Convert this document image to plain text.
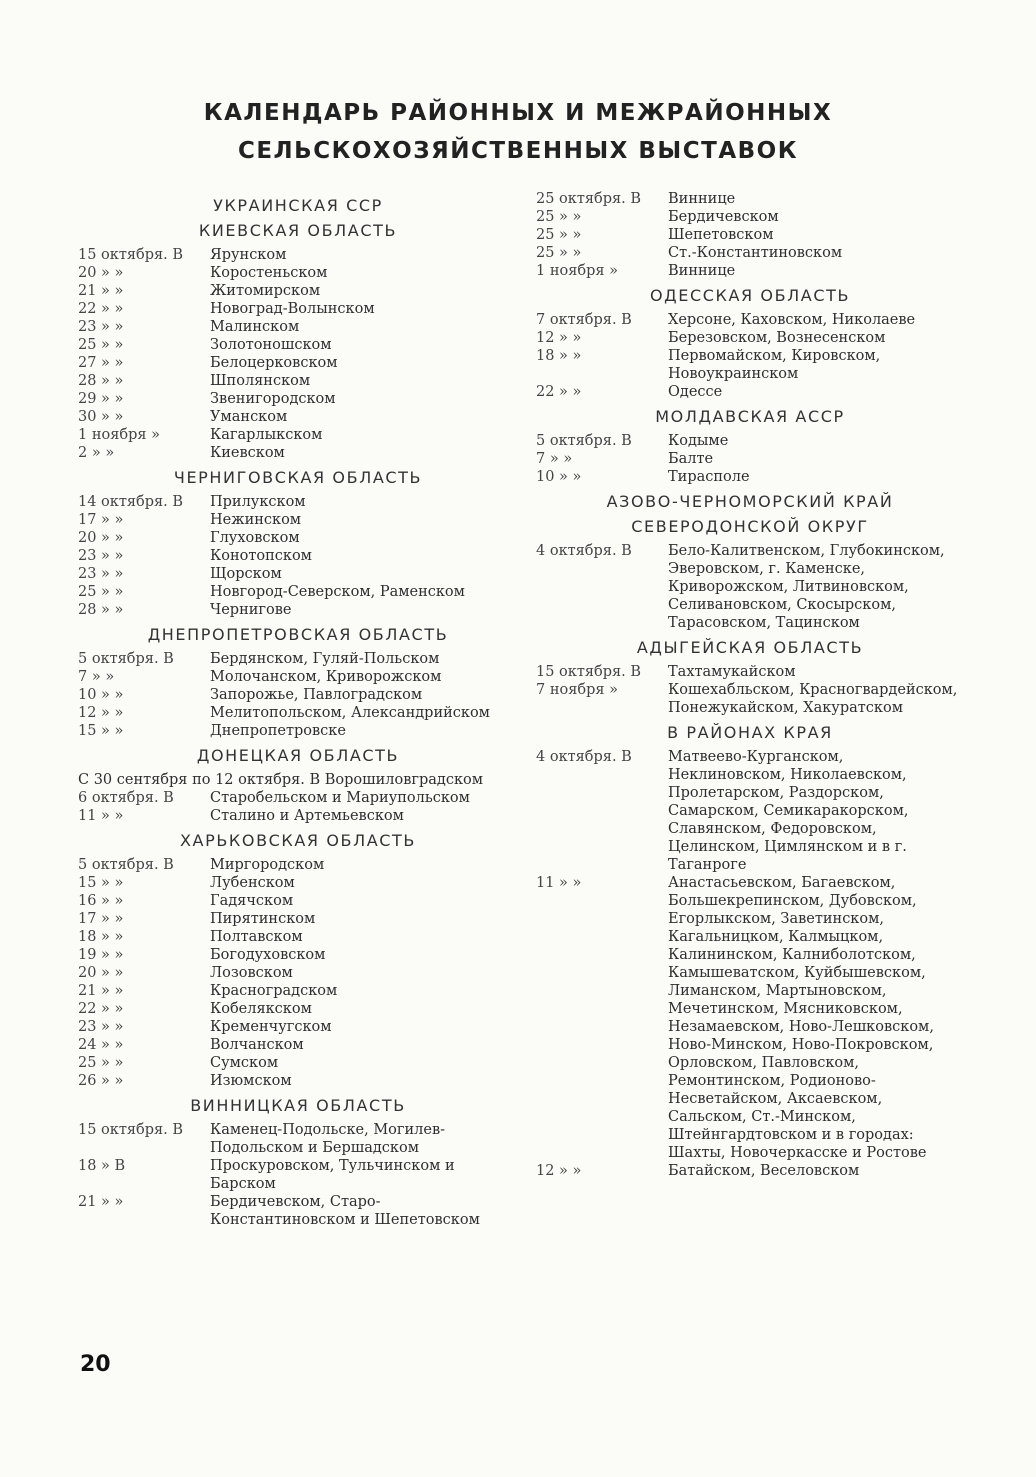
КАЛЕНДАРЬ РАЙОННЫХ И МЕЖРАЙОННЫХ
СЕЛЬСКОХОЗЯЙСТВЕННЫХ ВЫСТАВОК
УКРАИНСКАЯ ССР
КИЕВСКАЯ ОБЛАСТЬ
15 октября. В	Ярунском
20 » »	Коростеньском
21 » »	Житомирском
22 » »	Новоград-Волынском
23 » »	Малинском
25 » »	Золотоношском
27 » »	Белоцерковском
28 » »	Шполянском
29 » »	Звенигородском
30 » »	Уманском
1 ноября »	Кагарлыкском
2 » »	Киевском
ЧЕРНИГОВСКАЯ ОБЛАСТЬ
14 октября. В	Прилукском
17 » »	Нежинском
20 » »	Глуховском
23 » »	Конотопском
23 » »	Щорском
25 » »	Новгород-Северском, Раменском
28 » »	Чернигове
ДНЕПРОПЕТРОВСКАЯ ОБЛАСТЬ
5 октября. В	Бердянском, Гуляй-Польском
7 » »	Молочанском, Криворожском
10 » »	Запорожье, Павлоградском
12 » »	Мелитопольском, Александрийском
15 » »	Днепропетровске
ДОНЕЦКАЯ ОБЛАСТЬ
С 30 сентября по 12 октября. В Ворошиловградском
6 октября. В	Старобельском и Мариупольском
11 » »	Сталино и Артемьевском
ХАРЬКОВСКАЯ ОБЛАСТЬ
5 октября. В	Миргородском
15 » »	Лубенском
16 » »	Гадячском
17 » »	Пирятинском
18 » »	Полтавском
19 » »	Богодуховском
20 » »	Лозовском
21 » »	Красноградском
22 » »	Кобелякском
23 » »	Кременчугском
24 » »	Волчанском
25 » »	Сумском
26 » »	Изюмском
ВИННИЦКАЯ ОБЛАСТЬ
15 октября. В	Каменец-Подольске, Могилев-Подольском и Бершадском
18 » В	Проскуровском, Тульчинском и Барском
21 » »	Бердичевском, Старо-Константиновском и Шепетовском
25 октября. В	Виннице
25 » »	Бердичевском
25 » »	Шепетовском
25 » »	Ст.-Константиновском
1 ноября »	Виннице
ОДЕССКАЯ ОБЛАСТЬ
7 октября. В	Херсоне, Каховском, Николаеве
12 » »	Березовском, Вознесенском
18 » »	Первомайском, Кировском, Новоукраинском
22 » »	Одессе
МОЛДАВСКАЯ АССР
5 октября. В	Кодыме
7 » »	Балте
10 » »	Тирасполе
АЗОВО-ЧЕРНОМОРСКИЙ КРАЙ
СЕВЕРОДОНСКОЙ ОКРУГ
4 октября. В	Бело-Калитвенском, Глубокинском, Эверовском, г. Каменске, Криворожском, Литвиновском, Селивановском, Скосырском, Тарасовском, Тацинском
АДЫГЕЙСКАЯ ОБЛАСТЬ
15 октября. В	Тахтамукайском
7 ноября »	Кошехабльском, Красногвардейском, Понежукайском, Хакуратском
В РАЙОНАХ КРАЯ
4 октября. В	Матвеево-Курганском, Неклиновском, Николаевском, Пролетарском, Раздорском, Самарском, Семикаракорском, Славянском, Федоровском, Целинском, Цимлянском и в г. Таганроге
11 » »	Анастасьевском, Багаевском, Большекрепинском, Дубовском, Егорлыкском, Заветинском, Кагальницком, Калмыцком, Калининском, Калниболотском, Камышеватском, Куйбышевском, Лиманском, Мартыновском, Мечетинском, Мясниковском, Незамаевском, Ново-Лешковском, Ново-Минском, Ново-Покровском, Орловском, Павловском, Ремонтинском, Родионово-Несветайском, Аксаевском, Сальском, Ст.-Минском, Штейнгардтовском и в городах: Шахты, Новочеркасске и Ростове
12 » »	Батайском, Веселовском
20
